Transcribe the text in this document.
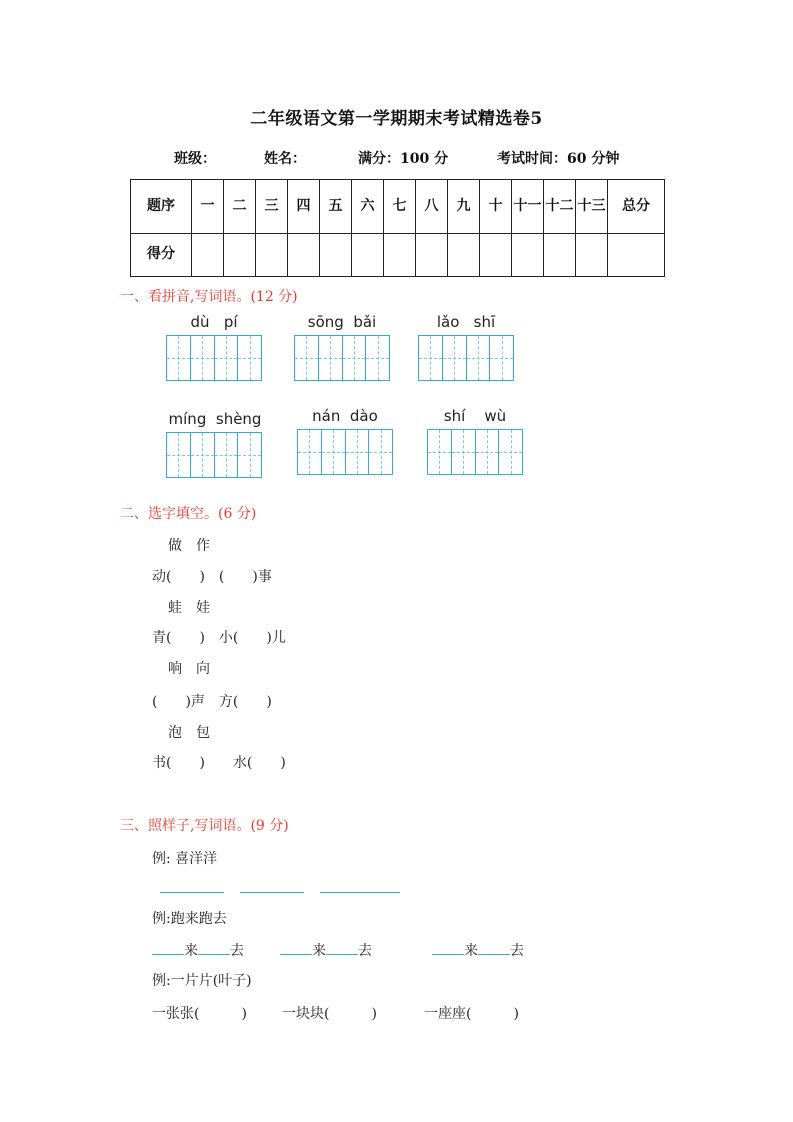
二年级语文第一学期期末考试精选卷5
班级：	姓名：	满分：100 分	考试时间：60 分钟
题序	一	二	三	四	五	六	七	八	九	十	十一	十二	十三	总分
得分														
一、看拼音,写词语。(12 分)
dù   pí	sōng  bǎi	lǎo   shī
míng  shèng	nán  dào	shí    wù
二、选字填空。(6 分)
做　作
动(　　)　(　　)事
蛙　娃
青(　　)　小(　　)儿
响　向
(　　)声　方(　　)
泡　包
书(　　)　　水(　　)
三、照样子,写词语。(9 分)
例: 喜洋洋
例:跑来跑去
来 去	来 去	来 去
例:一片片(叶子)
一张张(　　　)	一块块(　　　)	一座座(　　　)
